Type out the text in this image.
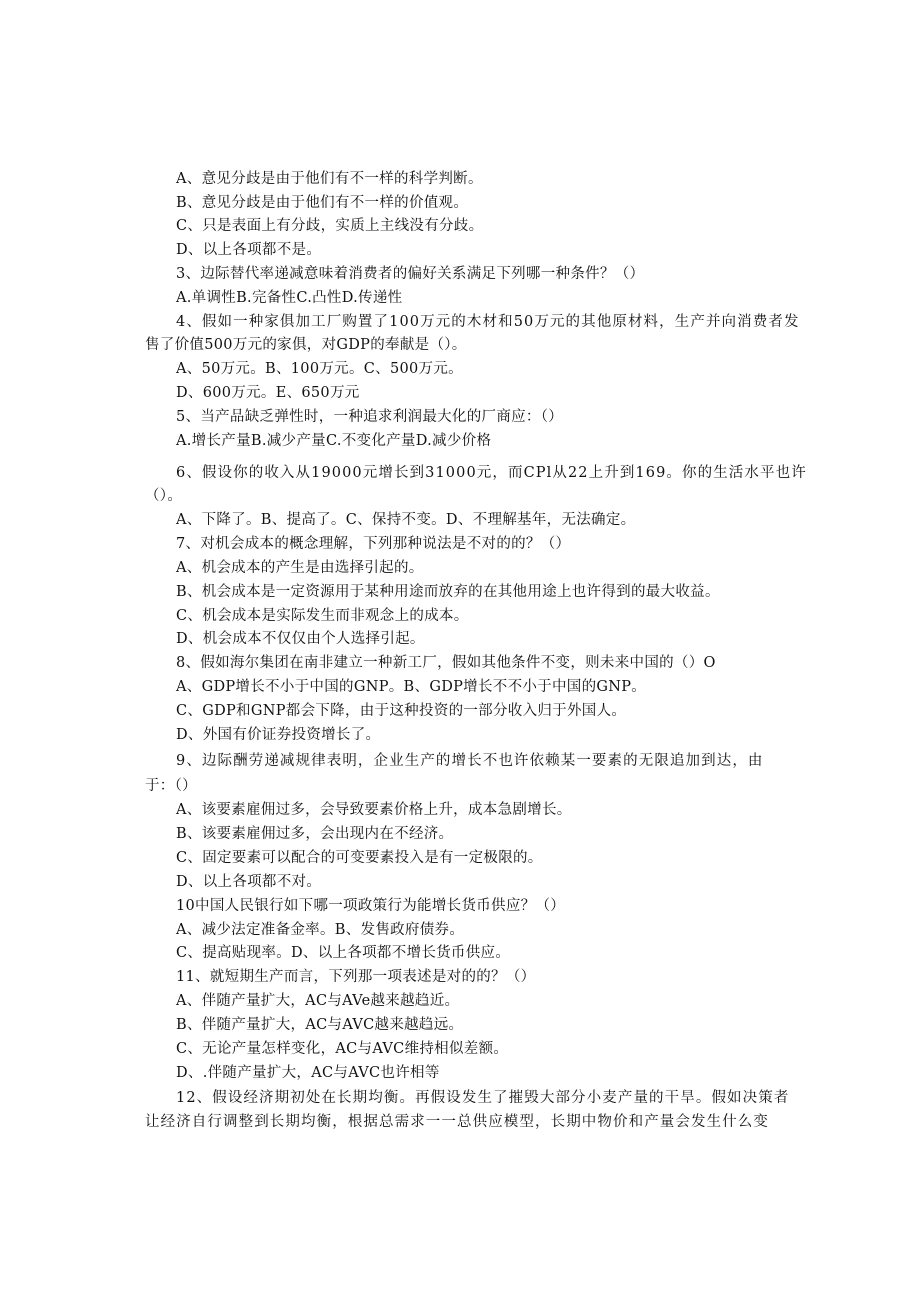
A、意见分歧是由于他们有不一样的科学判断。
B、意见分歧是由于他们有不一样的价值观。
C、只是表面上有分歧，实质上主线没有分歧。
D、以上各项都不是。
3、边际替代率递减意味着消费者的偏好关系满足下列哪一种条件？（）
A.单调性B.完备性C.凸性D.传递性
4、假如一种家俱加工厂购置了100万元的木材和50万元的其他原材料，生产并向消费者发
售了价值500万元的家俱，对GDP的奉献是（）。
A、50万元。B、100万元。C、500万元。
D、600万元。E、650万元
5、当产品缺乏弹性时，一种追求利润最大化的厂商应：（）
A.增长产量B.减少产量C.不变化产量D.减少价格
6、假设你的收入从19000元增长到31000元，而CPl从22上升到169。你的生活水平也许
（）。
A、下降了。B、提高了。C、保持不变。D、不理解基年，无法确定。
7、对机会成本的概念理解，下列那种说法是不对的的？（）
A、机会成本的产生是由选择引起的。
B、机会成本是一定资源用于某种用途而放弃的在其他用途上也许得到的最大收益。
C、机会成本是实际发生而非观念上的成本。
D、机会成本不仅仅由个人选择引起。
8、假如海尔集团在南非建立一种新工厂，假如其他条件不变，则未来中国的（）O
A、GDP增长不小于中国的GNP。B、GDP增长不不小于中国的GNP。
C、GDP和GNP都会下降，由于这种投资的一部分收入归于外国人。
D、外国有价证券投资增长了。
9、边际酬劳递减规律表明，企业生产的增长不也许依赖某一要素的无限追加到达，由
于：（）
A、该要素雇佣过多，会导致要素价格上升，成本急剧增长。
B、该要素雇佣过多，会出现内在不经济。
C、固定要素可以配合的可变要素投入是有一定极限的。
D、以上各项都不对。
10中国人民银行如下哪一项政策行为能增长货币供应？（）
A、减少法定准备金率。B、发售政府债券。
C、提高贴现率。D、以上各项都不增长货币供应。
11、就短期生产而言，下列那一项表述是对的的？（）
A、伴随产量扩大，AC与AVe越来越趋近。
B、伴随产量扩大，AC与AVC越来越趋远。
C、无论产量怎样变化，AC与AVC维持相似差额。
D、.伴随产量扩大，AC与AVC也许相等
12、假设经济期初处在长期均衡。再假设发生了摧毁大部分小麦产量的干旱。假如决策者
让经济自行调整到长期均衡，根据总需求一一总供应模型，长期中物价和产量会发生什么变
